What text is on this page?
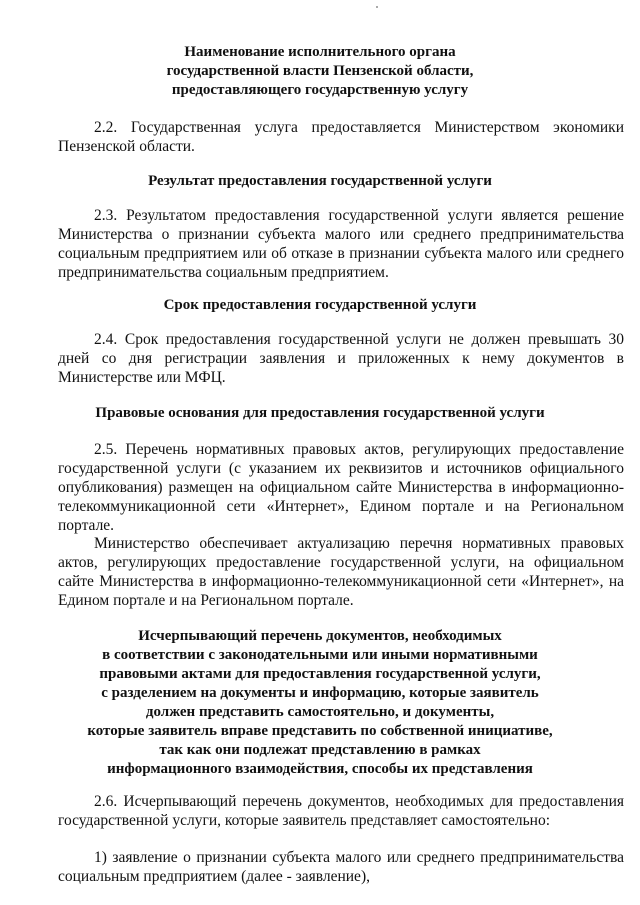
Наименование исполнительного органа
государственной власти Пензенской области,
предоставляющего государственную услугу

2.2. Государственная услуга предоставляется Министерством экономики Пензенской области.

Результат предоставления государственной услуги

2.3. Результатом предоставления государственной услуги является решение Министерства о признании субъекта малого или среднего предпринимательства социальным предприятием или об отказе в признании субъекта малого или среднего предпринимательства социальным предприятием.

Срок предоставления государственной услуги

2.4. Срок предоставления государственной услуги не должен превышать 30 дней со дня регистрации заявления и приложенных к нему документов в Министерстве или МФЦ.

Правовые основания для предоставления государственной услуги

2.5. Перечень нормативных правовых актов, регулирующих предоставление государственной услуги (с указанием их реквизитов и источников официального опубликования) размещен на официальном сайте Министерства в информационно-телекоммуникационной сети «Интернет», Едином портале и на Региональном портале.

Министерство обеспечивает актуализацию перечня нормативных правовых актов, регулирующих предоставление государственной услуги, на официальном сайте Министерства в информационно-телекоммуникационной сети «Интернет», на Едином портале и на Региональном портале.

Исчерпывающий перечень документов, необходимых
в соответствии с законодательными или иными нормативными
правовыми актами для предоставления государственной услуги,
с разделением на документы и информацию, которые заявитель
должен представить самостоятельно, и документы,
которые заявитель вправе представить по собственной инициативе,
так как они подлежат представлению в рамках
информационного взаимодействия, способы их представления

2.6. Исчерпывающий перечень документов, необходимых для предоставления государственной услуги, которые заявитель представляет самостоятельно:

1) заявление о признании субъекта малого или среднего предпринимательства социальным предприятием (далее - заявление),
